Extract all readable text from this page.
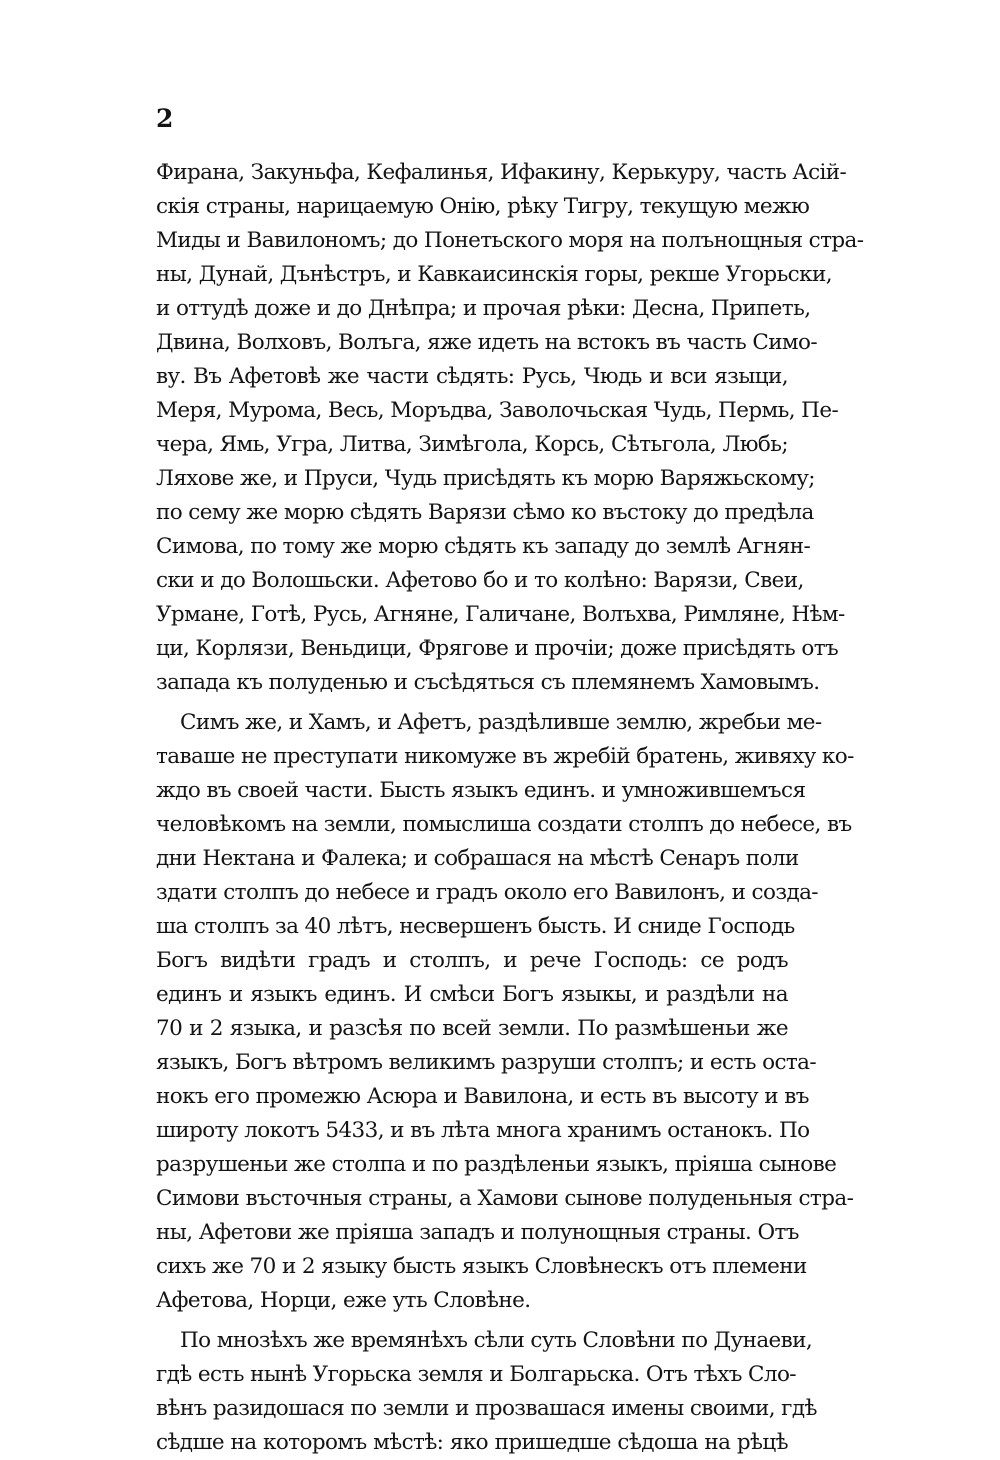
2
Фирана, Закуньфа, Кефалинья, Ифакину, Керькуру, часть Асій-
скія страны, нарицаемую Онію, рѣку Тигру, текущую межю
Миды и Вавилономъ; до Понетьского моря на полънощныя стра-
ны, Дунай, Дънѣстръ, и Кавкаисинскія горы, рекше Угорьски,
и оттудѣ доже и до Днѣпра; и прочая рѣки: Десна, Припеть,
Двина, Волховъ, Волъга, яже идеть на встокъ въ часть Симо-
ву. Въ Афетовѣ же части сѣдять: Русь, Чюдь и вси языци,
Меря, Мурома, Весь, Моръдва, Заволочьская Чудь, Пермь, Пе-
чера, Ямь, Угра, Литва, Зимѣгола, Корсь, Сѣтьгола, Любь;
Ляхове же, и Пруси, Чудь присѣдять къ морю Варяжьскому;
по сему же морю сѣдять Варязи сѣмо ко въстоку до предѣла
Симова, по тому же морю сѣдять къ западу до землѣ Агнян-
ски и до Волошьски. Афетово бо и то колѣно: Варязи, Свеи,
Урмане, Готѣ, Русь, Агняне, Галичане, Волъхва, Римляне, Нѣм-
ци, Корлязи, Веньдици, Фрягове и прочіи; доже присѣдять отъ
запада къ полуденью и съсѣдяться съ племянемъ Хамовымъ.
Симъ же, и Хамъ, и Афетъ, раздѣливше землю, жребьи ме-
таваше не преступати никомуже въ жребій братень, живяху ко-
ждо въ своей части. Бысть языкъ единъ. и умножившемъся
человѣкомъ на земли, помыслиша создати столпъ до небесе, въ
дни Нектана и Фалека; и собрашася на мѣстѣ Сенаръ поли
здати столпъ до небесе и градъ около его Вавилонъ, и созда-
ша столпъ за 40 лѣтъ, несвершенъ бысть. И сниде Господь
Богъ видѣти градъ и столпъ, и рече Господь: се родъ
единъ и языкъ единъ. И смѣси Богъ языкы, и раздѣли на
70 и 2 языка, и разсѣя по всей земли. По размѣшеньи же
языкъ, Богъ вѣтромъ великимъ разруши столпъ; и есть оста-
нокъ его промежю Асюра и Вавилона, и есть въ высоту и въ
широту локотъ 5433, и въ лѣта многа хранимъ останокъ. По
разрушеньи же столпа и по раздѣленьи языкъ, пріяша сынове
Симови въсточныя страны, а Хамови сынове полуденьныя стра-
ны, Афетови же пріяша западъ и полунощныя страны. Отъ
сихъ же 70 и 2 языку бысть языкъ Словѣнескъ отъ племени
Афетова, Норци, еже уть Словѣне.
По мнозѣхъ же времянѣхъ сѣли суть Словѣни по Дунаеви,
гдѣ есть нынѣ Угорьска земля и Болгарьска. Отъ тѣхъ Сло-
вѣнъ разидошася по земли и прозвашася имены своими, гдѣ
сѣдше на которомъ мѣстѣ: яко пришедше сѣдоша на рѣцѣ
